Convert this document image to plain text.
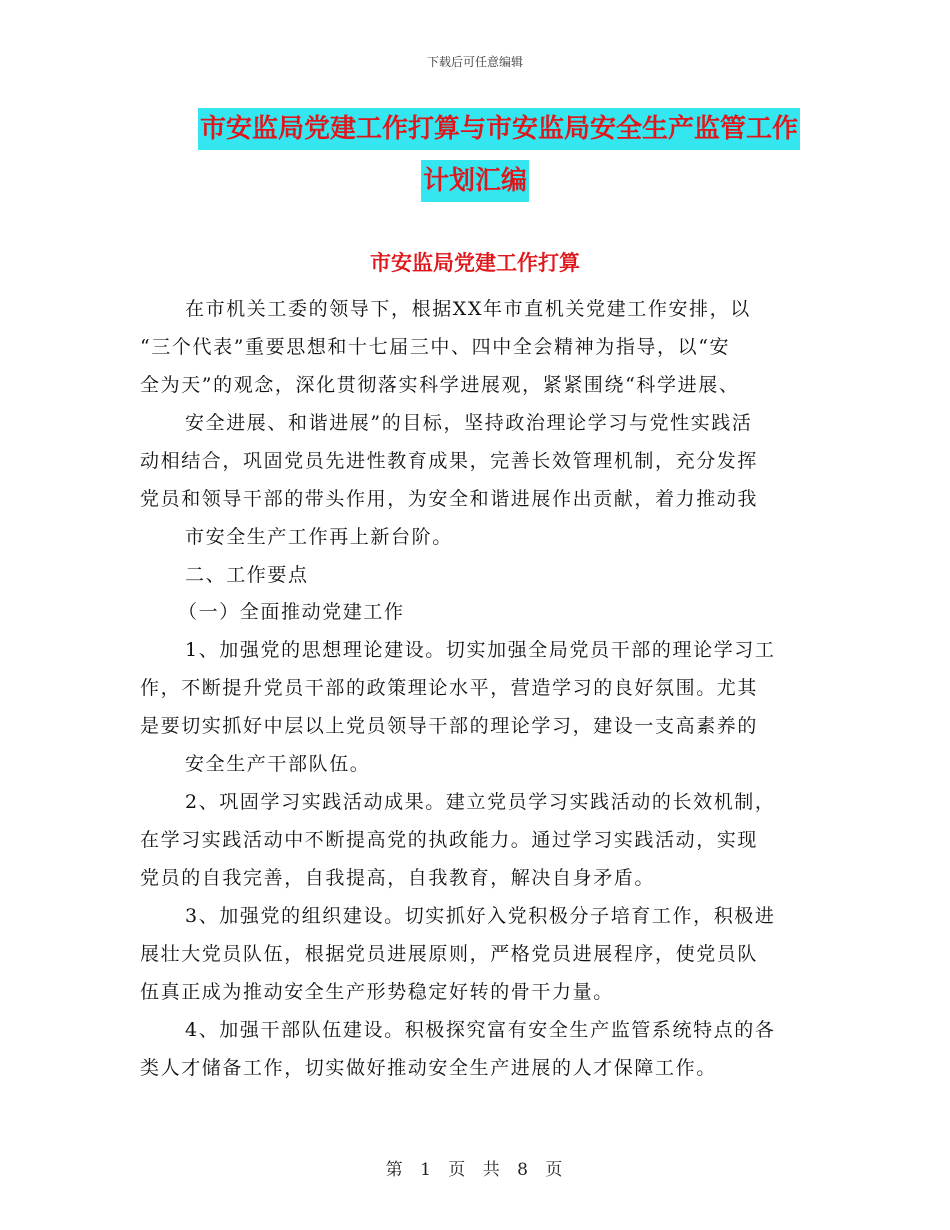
下载后可任意编辑
市安监局党建工作打算与市安监局安全生产监管工作
计划汇编
市安监局党建工作打算
在市机关工委的领导下，根据XX年市直机关党建工作安排，以
“三个代表”重要思想和十七届三中、四中全会精神为指导，以“安
全为天”的观念，深化贯彻落实科学进展观，紧紧围绕“科学进展、
安全进展、和谐进展”的目标，坚持政治理论学习与党性实践活
动相结合，巩固党员先进性教育成果，完善长效管理机制，充分发挥
党员和领导干部的带头作用，为安全和谐进展作出贡献，着力推动我
市安全生产工作再上新台阶。
二、工作要点
（一）全面推动党建工作
1、加强党的思想理论建设。切实加强全局党员干部的理论学习工
作，不断提升党员干部的政策理论水平，营造学习的良好氛围。尤其
是要切实抓好中层以上党员领导干部的理论学习，建设一支高素养的
安全生产干部队伍。
2、巩固学习实践活动成果。建立党员学习实践活动的长效机制，
在学习实践活动中不断提高党的执政能力。通过学习实践活动，实现
党员的自我完善，自我提高，自我教育，解决自身矛盾。
3、加强党的组织建设。切实抓好入党积极分子培育工作，积极进
展壮大党员队伍，根据党员进展原则，严格党员进展程序，使党员队
伍真正成为推动安全生产形势稳定好转的骨干力量。
4、加强干部队伍建设。积极探究富有安全生产监管系统特点的各
类人才储备工作，切实做好推动安全生产进展的人才保障工作。
第 1 页 共 8 页
